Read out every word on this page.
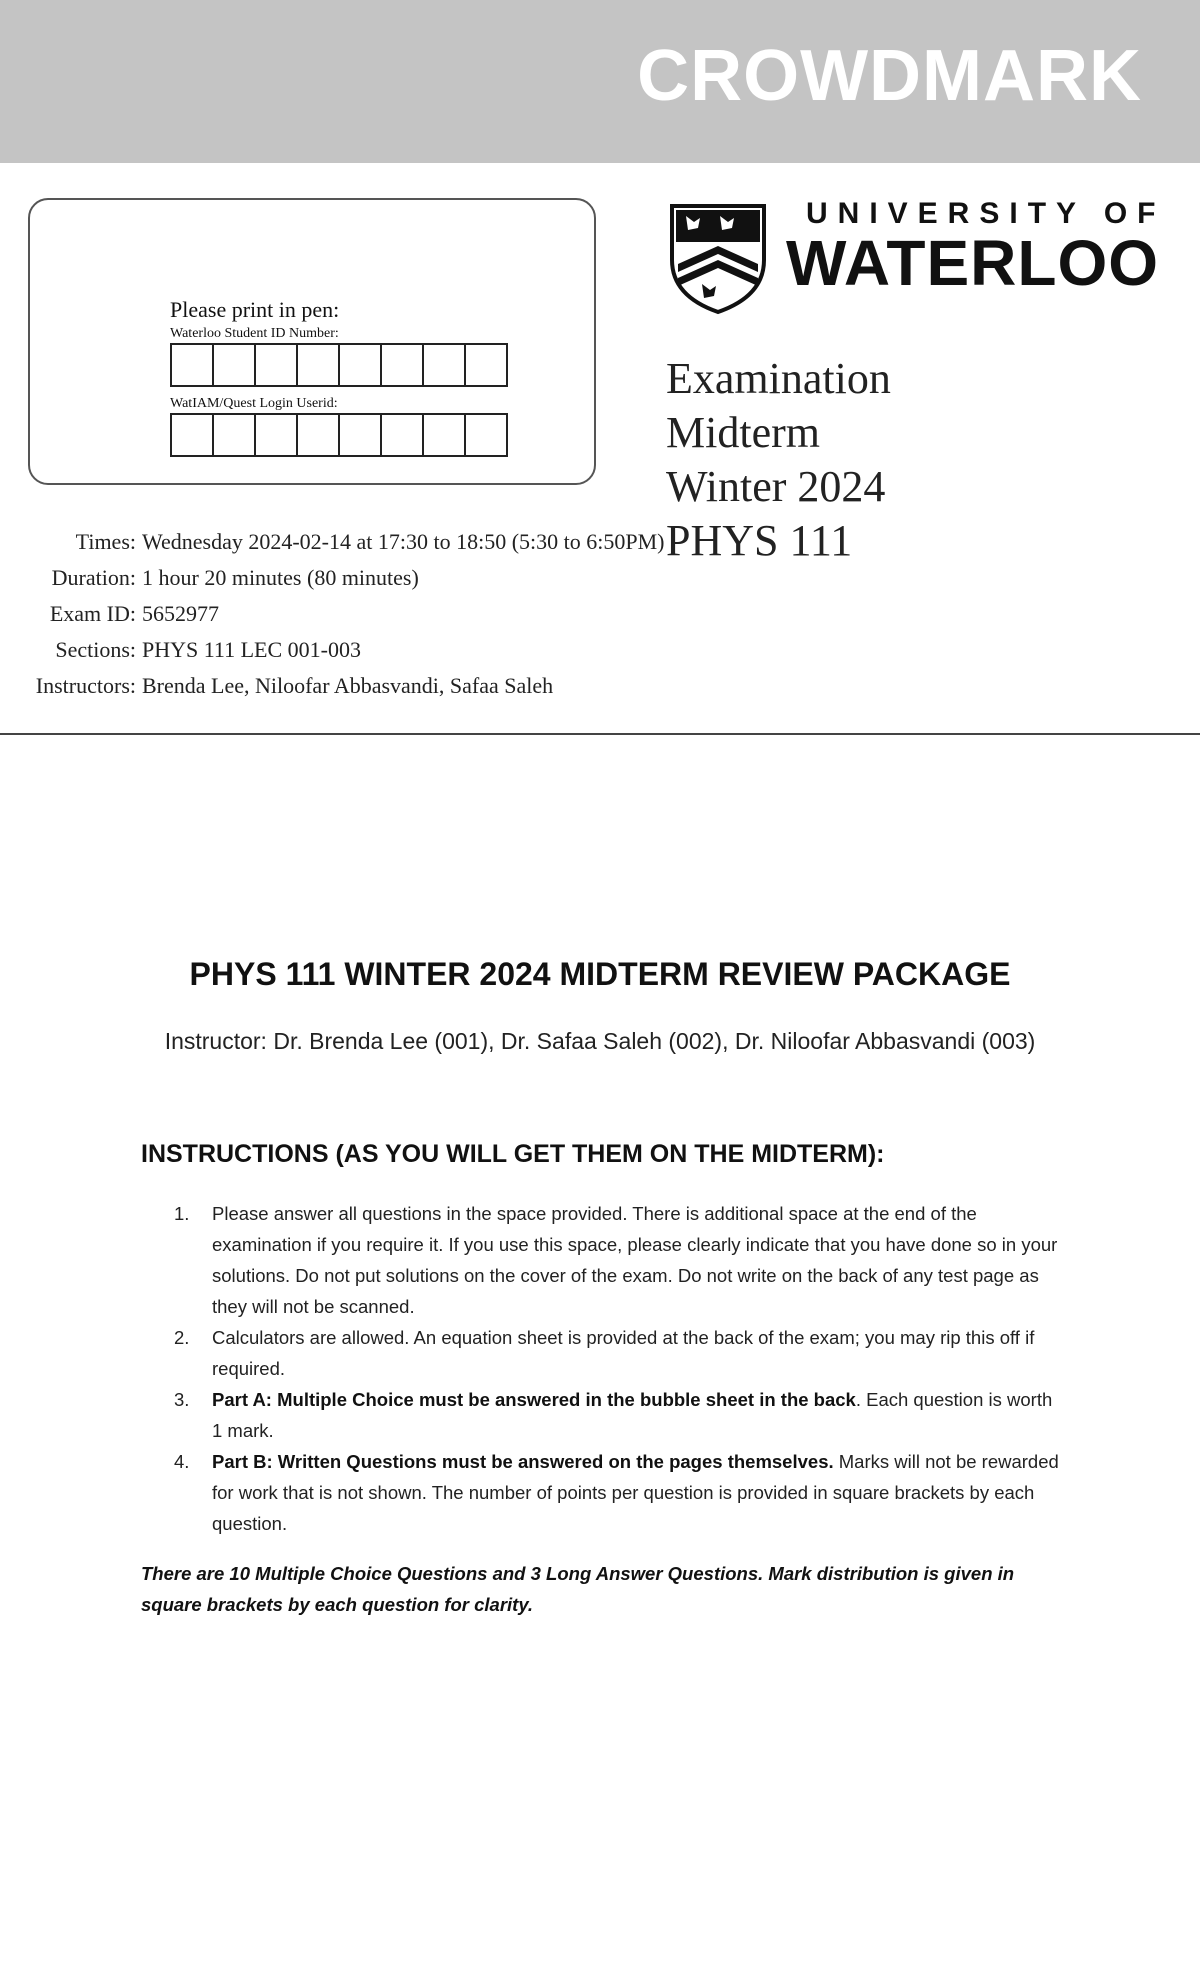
CROWDMARK
Please print in pen:
Waterloo Student ID Number:
WatIAM/Quest Login Userid:
UNIVERSITY OF
WATERLOO
Examination
Midterm
Winter 2024
PHYS 111
Times: Wednesday 2024-02-14 at 17:30 to 18:50 (5:30 to 6:50PM)
Duration: 1 hour 20 minutes (80 minutes)
Exam ID: 5652977
Sections: PHYS 111 LEC 001-003
Instructors: Brenda Lee, Niloofar Abbasvandi, Safaa Saleh
PHYS 111 WINTER 2024 MIDTERM REVIEW PACKAGE
Instructor: Dr. Brenda Lee (001), Dr. Safaa Saleh (002), Dr. Niloofar Abbasvandi (003)
INSTRUCTIONS (AS YOU WILL GET THEM ON THE MIDTERM):
1. Please answer all questions in the space provided. There is additional space at the end of the examination if you require it. If you use this space, please clearly indicate that you have done so in your solutions. Do not put solutions on the cover of the exam. Do not write on the back of any test page as they will not be scanned.
2. Calculators are allowed. An equation sheet is provided at the back of the exam; you may rip this off if required.
3. Part A: Multiple Choice must be answered in the bubble sheet in the back. Each question is worth 1 mark.
4. Part B: Written Questions must be answered on the pages themselves. Marks will not be rewarded for work that is not shown. The number of points per question is provided in square brackets by each question.
There are 10 Multiple Choice Questions and 3 Long Answer Questions. Mark distribution is given in square brackets by each question for clarity.
